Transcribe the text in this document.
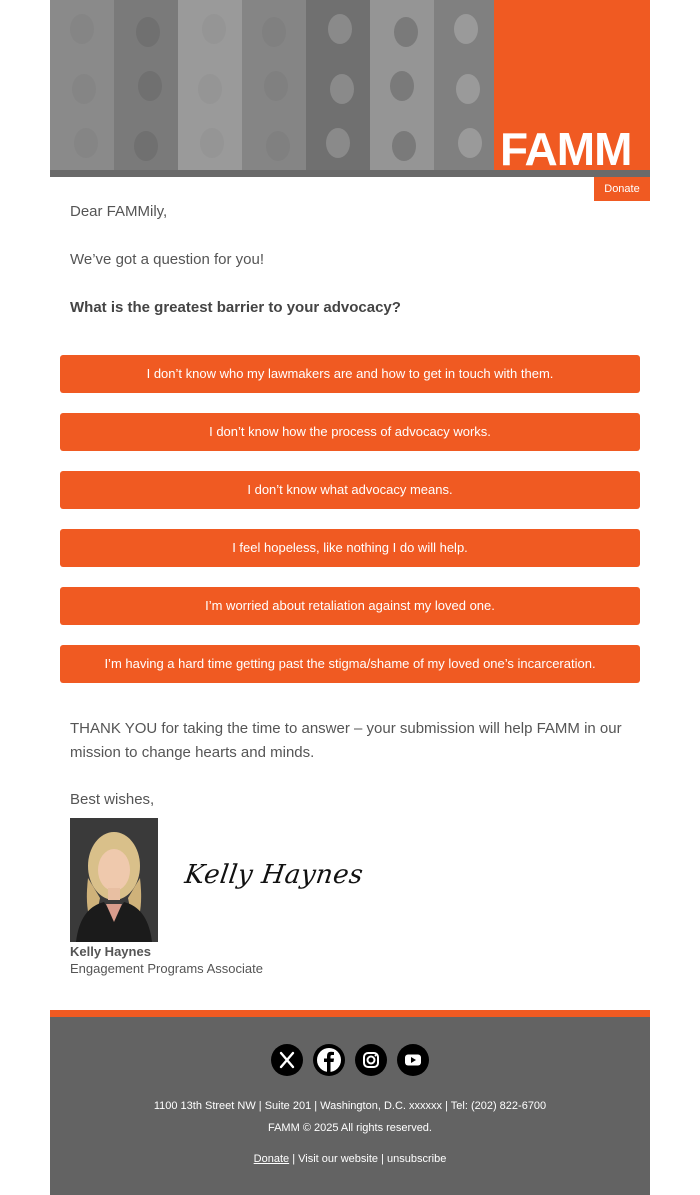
FAMM
Donate
Dear FAMMily,
We’ve got a question for you!
What is the greatest barrier to your advocacy?
I don’t know who my lawmakers are and how to get in touch with them.
I don’t know how the process of advocacy works.
I don’t know what advocacy means.
I feel hopeless, like nothing I do will help.
I’m worried about retaliation against my loved one.
I’m having a hard time getting past the stigma/shame of my loved one’s incarceration.
THANK YOU for taking the time to answer – your submission will help FAMM in our mission to change hearts and minds.
Best wishes,
Kelly Haynes
Kelly Haynes
Engagement Programs Associate

1100 13th Street NW | Suite 201 | Washington, D.C. xxxxxx | Tel: (202) 822-6700
FAMM © 2025 All rights reserved.
Donate | Visit our website | unsubscribe
